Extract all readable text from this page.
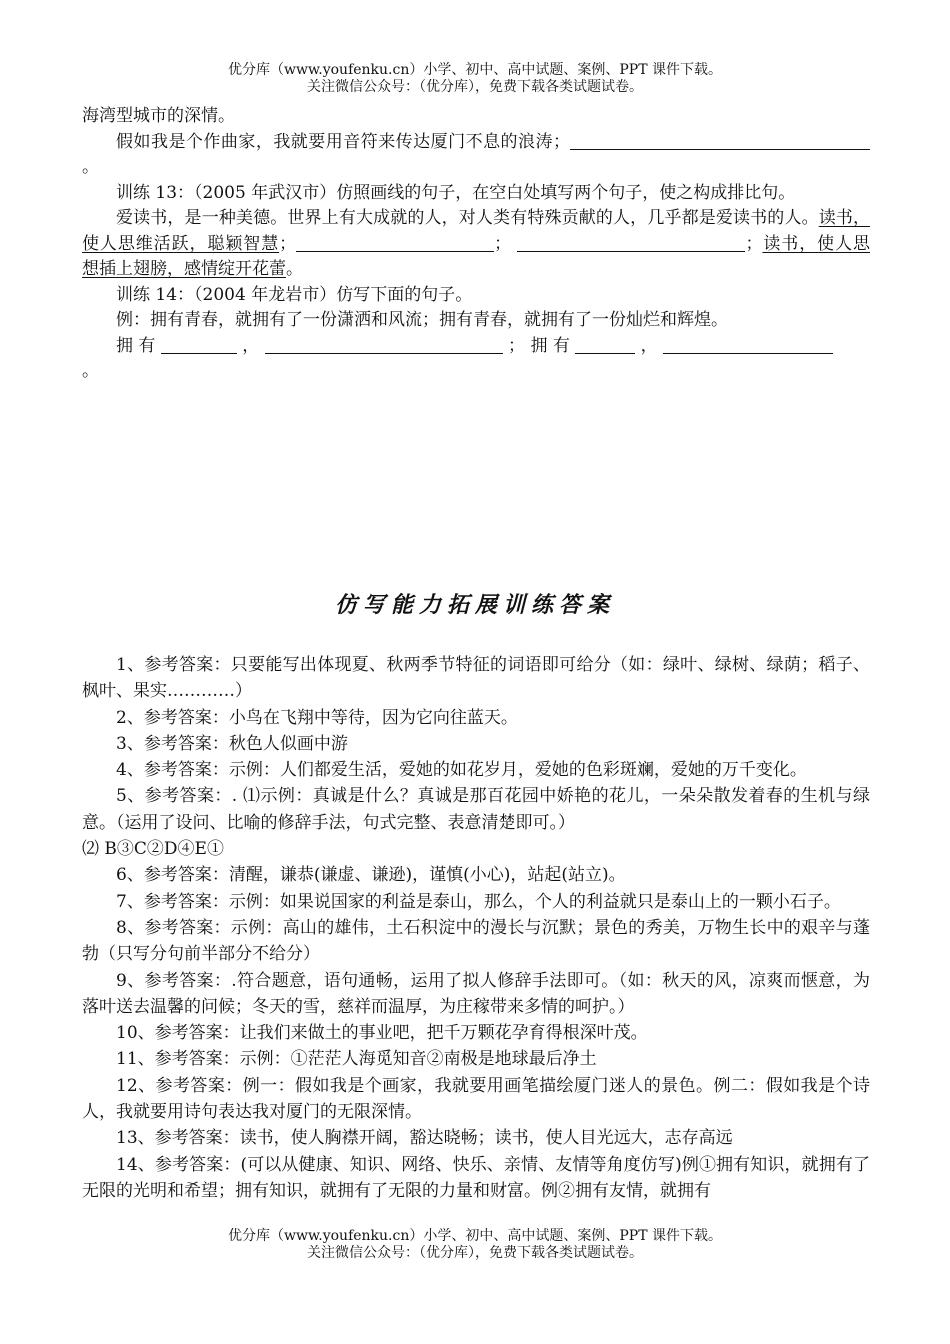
优分库（www.youfenku.cn）小学、初中、高中试题、案例、PPT 课件下载。
关注微信公众号：（优分库），免费下载各类试题试卷。

海湾型城市的深情。

假如我是个作曲家，我就要用音符来传达厦门不息的浪涛；。

训练 13：（2005 年武汉市）仿照画线的句子，在空白处填写两个句子，使之构成排比句。

爱读书，是一种美德。世界上有大成就的人，对人类有特殊贡献的人，几乎都是爱读书的人。读书，使人思维活跃，聪颖智慧；	；	；读书，使人思想插上翅膀，感情绽开花蕾。

训练 14：（2004 年龙岩市）仿写下面的句子。

例：拥有青春，就拥有了一份潇洒和风流；拥有青春，就拥有了一份灿烂和辉煌。

拥 有	，	； 拥 有	，

。

仿写能力拓展训练答案

1、参考答案：只要能写出体现夏、秋两季节特征的词语即可给分（如：绿叶、绿树、绿荫；稻子、枫叶、果实…………）

2、参考答案：小鸟在飞翔中等待，因为它向往蓝天。

3、参考答案：秋色人似画中游

4、参考答案：示例：人们都爱生活，爱她的如花岁月，爱她的色彩斑斓，爱她的万千变化。

5、参考答案：. ⑴示例：真诚是什么？真诚是那百花园中娇艳的花儿，一朵朵散发着春的生机与绿意。（运用了设问、比喻的修辞手法，句式完整、表意清楚即可。）

⑵ B③C②D④E①

6、参考答案：清醒，谦恭(谦虚、谦逊)，谨慎(小心)，站起(站立)。

7、参考答案：示例：如果说国家的利益是泰山，那么，个人的利益就只是泰山上的一颗小石子。

8、参考答案：示例：高山的雄伟，土石积淀中的漫长与沉默；景色的秀美，万物生长中的艰辛与蓬勃（只写分句前半部分不给分）

9、参考答案：.符合题意，语句通畅，运用了拟人修辞手法即可。（如：秋天的风，凉爽而惬意，为落叶送去温馨的问候；冬天的雪，慈祥而温厚，为庄稼带来多情的呵护。）

10、参考答案：让我们来做土的事业吧，把千万颗花孕育得根深叶茂。

11、参考答案：示例：①茫茫人海觅知音②南极是地球最后净土

12、参考答案：例一：假如我是个画家，我就要用画笔描绘厦门迷人的景色。例二：假如我是个诗人，我就要用诗句表达我对厦门的无限深情。

13、参考答案：读书，使人胸襟开阔，豁达晓畅；读书，使人目光远大，志存高远

14、参考答案：(可以从健康、知识、网络、快乐、亲情、友情等角度仿写)例①拥有知识，就拥有了无限的光明和希望；拥有知识，就拥有了无限的力量和财富。例②拥有友情，就拥有

优分库（www.youfenku.cn）小学、初中、高中试题、案例、PPT 课件下载。
关注微信公众号：（优分库），免费下载各类试题试卷。
